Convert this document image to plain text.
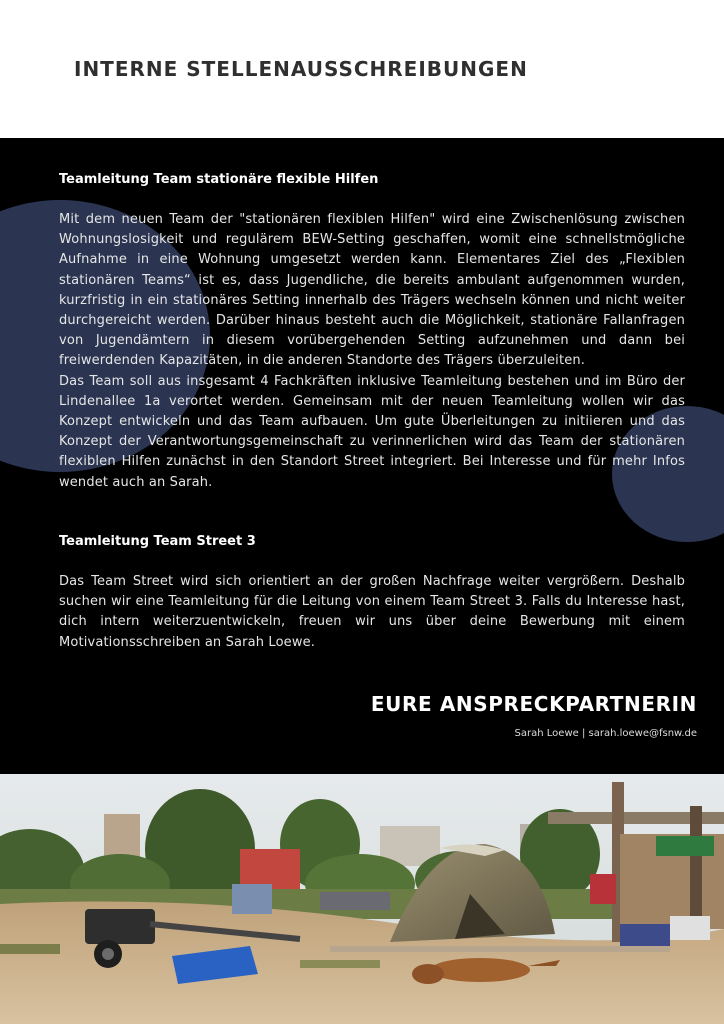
INTERNE STELLENAUSSCHREIBUNGEN
Teamleitung Team stationäre flexible Hilfen

Mit dem neuen Team der "stationären flexiblen Hilfen" wird eine Zwischenlösung zwischen Wohnungslosigkeit und regulärem BEW-Setting geschaffen, womit eine schnellstmögliche Aufnahme in eine Wohnung umgesetzt werden kann. Elementares Ziel des „Flexiblen stationären Teams“ ist es, dass Jugendliche, die bereits ambulant aufgenommen wurden, kurzfristig in ein stationäres Setting innerhalb des Trägers wechseln können und nicht weiter durchgereicht werden. Darüber hinaus besteht auch die Möglichkeit, stationäre Fallanfragen von Jugendämtern in diesem vorübergehenden Setting aufzunehmen und dann bei freiwerdenden Kapazitäten, in die anderen Standorte des Trägers überzuleiten.

Das Team soll aus insgesamt 4 Fachkräften inklusive Teamleitung bestehen und im Büro der Lindenallee 1a verortet werden. Gemeinsam mit der neuen Teamleitung wollen wir das Konzept entwickeln und das Team aufbauen. Um gute Überleitungen zu initiieren und das Konzept der Verantwortungsgemeinschaft zu verinnerlichen wird das Team der stationären flexiblen Hilfen zunächst in den Standort Street integriert. Bei Interesse und für mehr Infos wendet auch an Sarah.

Teamleitung Team Street 3

Das Team Street wird sich orientiert an der großen Nachfrage weiter vergrößern. Deshalb suchen wir eine Teamleitung für die Leitung von einem Team Street 3. Falls du Interesse hast, dich intern weiterzuentwickeln, freuen wir uns über deine Bewerbung mit einem Motivationsschreiben an Sarah Loewe.

EURE ANSPRECKPARTNERIN
Sarah Loewe | sarah.loewe@fsnw.de
